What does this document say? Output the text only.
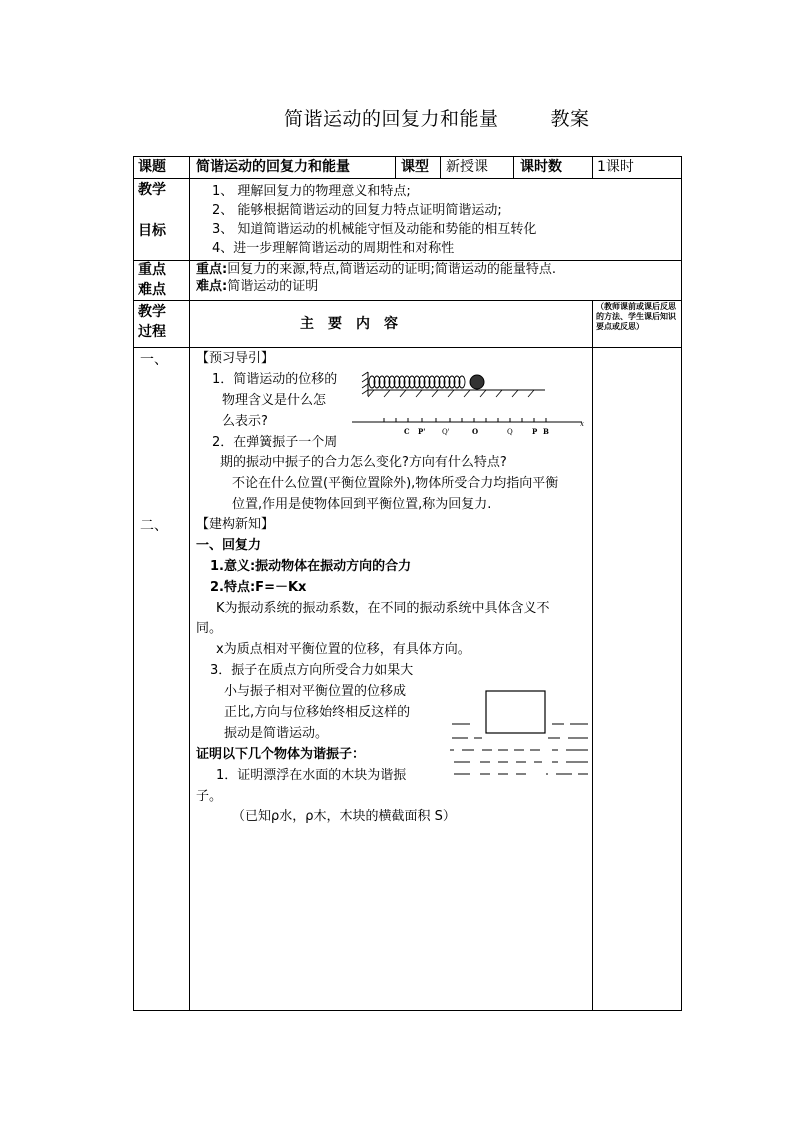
简谐运动的回复力和能量	教案
课题 简谐运动的回复力和能量	课型 新授课 课时数	1课时
教学
目标
1、 理解回复力的物理意义和特点;
2、 能够根据简谐运动的回复力特点证明简谐运动;
3、 知道简谐运动的机械能守恒及动能和势能的相互转化
4、进一步理解简谐运动的周期性和对称性
重点
难点
重点:回复力的来源,特点,简谐运动的证明;简谐运动的能量特点.
难点:简谐运动的证明
教学
过程	主　要　内　容
（教师课前或课后反思的方法、学生课后知识要点或反思）
一、 【预习导引】
1．简谐运动的位移的
物理含义是什么怎
么表示?
2．在弹簧振子一个周
期的振动中振子的合力怎么变化?方向有什么特点?
不论在什么位置(平衡位置除外),物体所受合力均指向平衡
位置,作用是使物体回到平衡位置,称为回复力.
C P' Q'	O	Q	P B
x
二、 【建构新知】
一、回复力
1.意义:振动物体在振动方向的合力
2.特点:F=－Kx
K为振动系统的振动系数，在不同的振动系统中具体含义不
同。
x为质点相对平衡位置的位移，有具体方向。
3．振子在质点方向所受合力如果大
小与振子相对平衡位置的位移成
正比,方向与位移始终相反这样的
振动是简谐运动。
证明以下几个物体为谐振子：
1．证明漂浮在水面的木块为谐振
子。
（已知ρ水，ρ木，木块的横截面积 S）
